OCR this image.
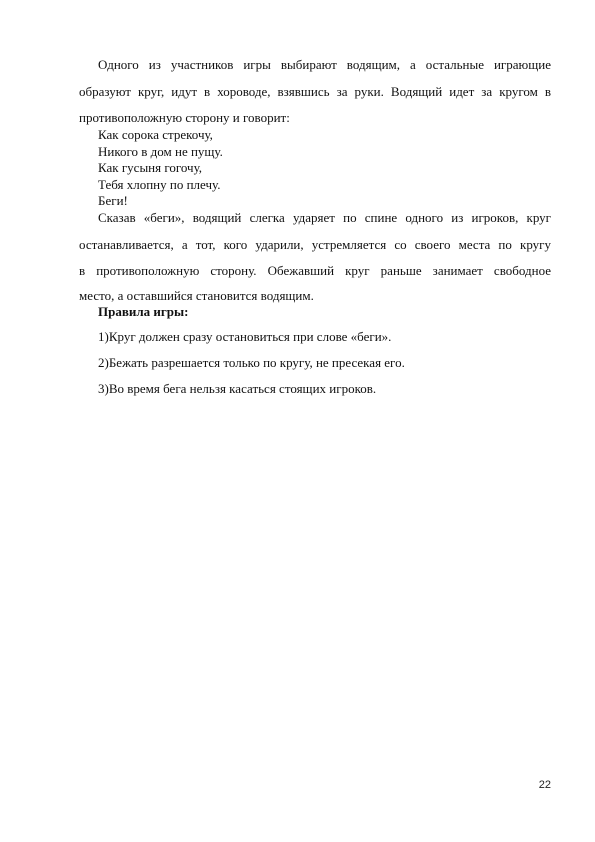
Одного из участников игры выбирают водящим, а остальные играющие
образуют круг, идут в хороводе, взявшись за руки. Водящий идет за кругом в
противоположную сторону и говорит:
Как сорока стрекочу,
Никого в дом не пущу.
Как гусыня гогочу,
Тебя хлопну по плечу.
Беги!
Сказав «беги», водящий слегка ударяет по спине одного из игроков, круг
останавливается, а тот, кого ударили, устремляется со своего места по кругу
в противоположную сторону. Обежавший круг раньше занимает свободное
место, а оставшийся становится водящим.
Правила игры:
1)Круг должен сразу остановиться при слове «беги».
2)Бежать разрешается только по кругу, не пресекая его.
3)Во время бега нельзя касаться стоящих игроков.
22
